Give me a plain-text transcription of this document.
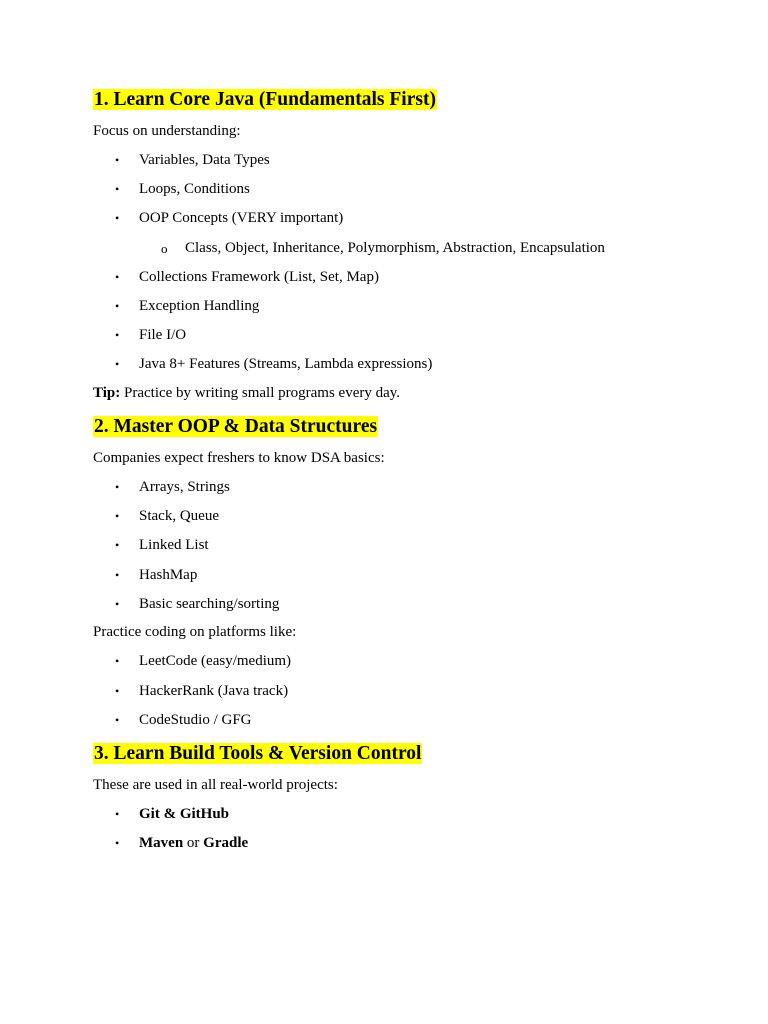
1. Learn Core Java (Fundamentals First)

Focus on understanding:

• Variables, Data Types
• Loops, Conditions
• OOP Concepts (VERY important)
o Class, Object, Inheritance, Polymorphism, Abstraction, Encapsulation
• Collections Framework (List, Set, Map)
• Exception Handling
• File I/O
• Java 8+ Features (Streams, Lambda expressions)

Tip: Practice by writing small programs every day.

2. Master OOP & Data Structures

Companies expect freshers to know DSA basics:

• Arrays, Strings
• Stack, Queue
• Linked List
• HashMap
• Basic searching/sorting

Practice coding on platforms like:

• LeetCode (easy/medium)
• HackerRank (Java track)
• CodeStudio / GFG
3. Learn Build Tools & Version Control

These are used in all real-world projects:

• Git & GitHub
• Maven or Gradle
